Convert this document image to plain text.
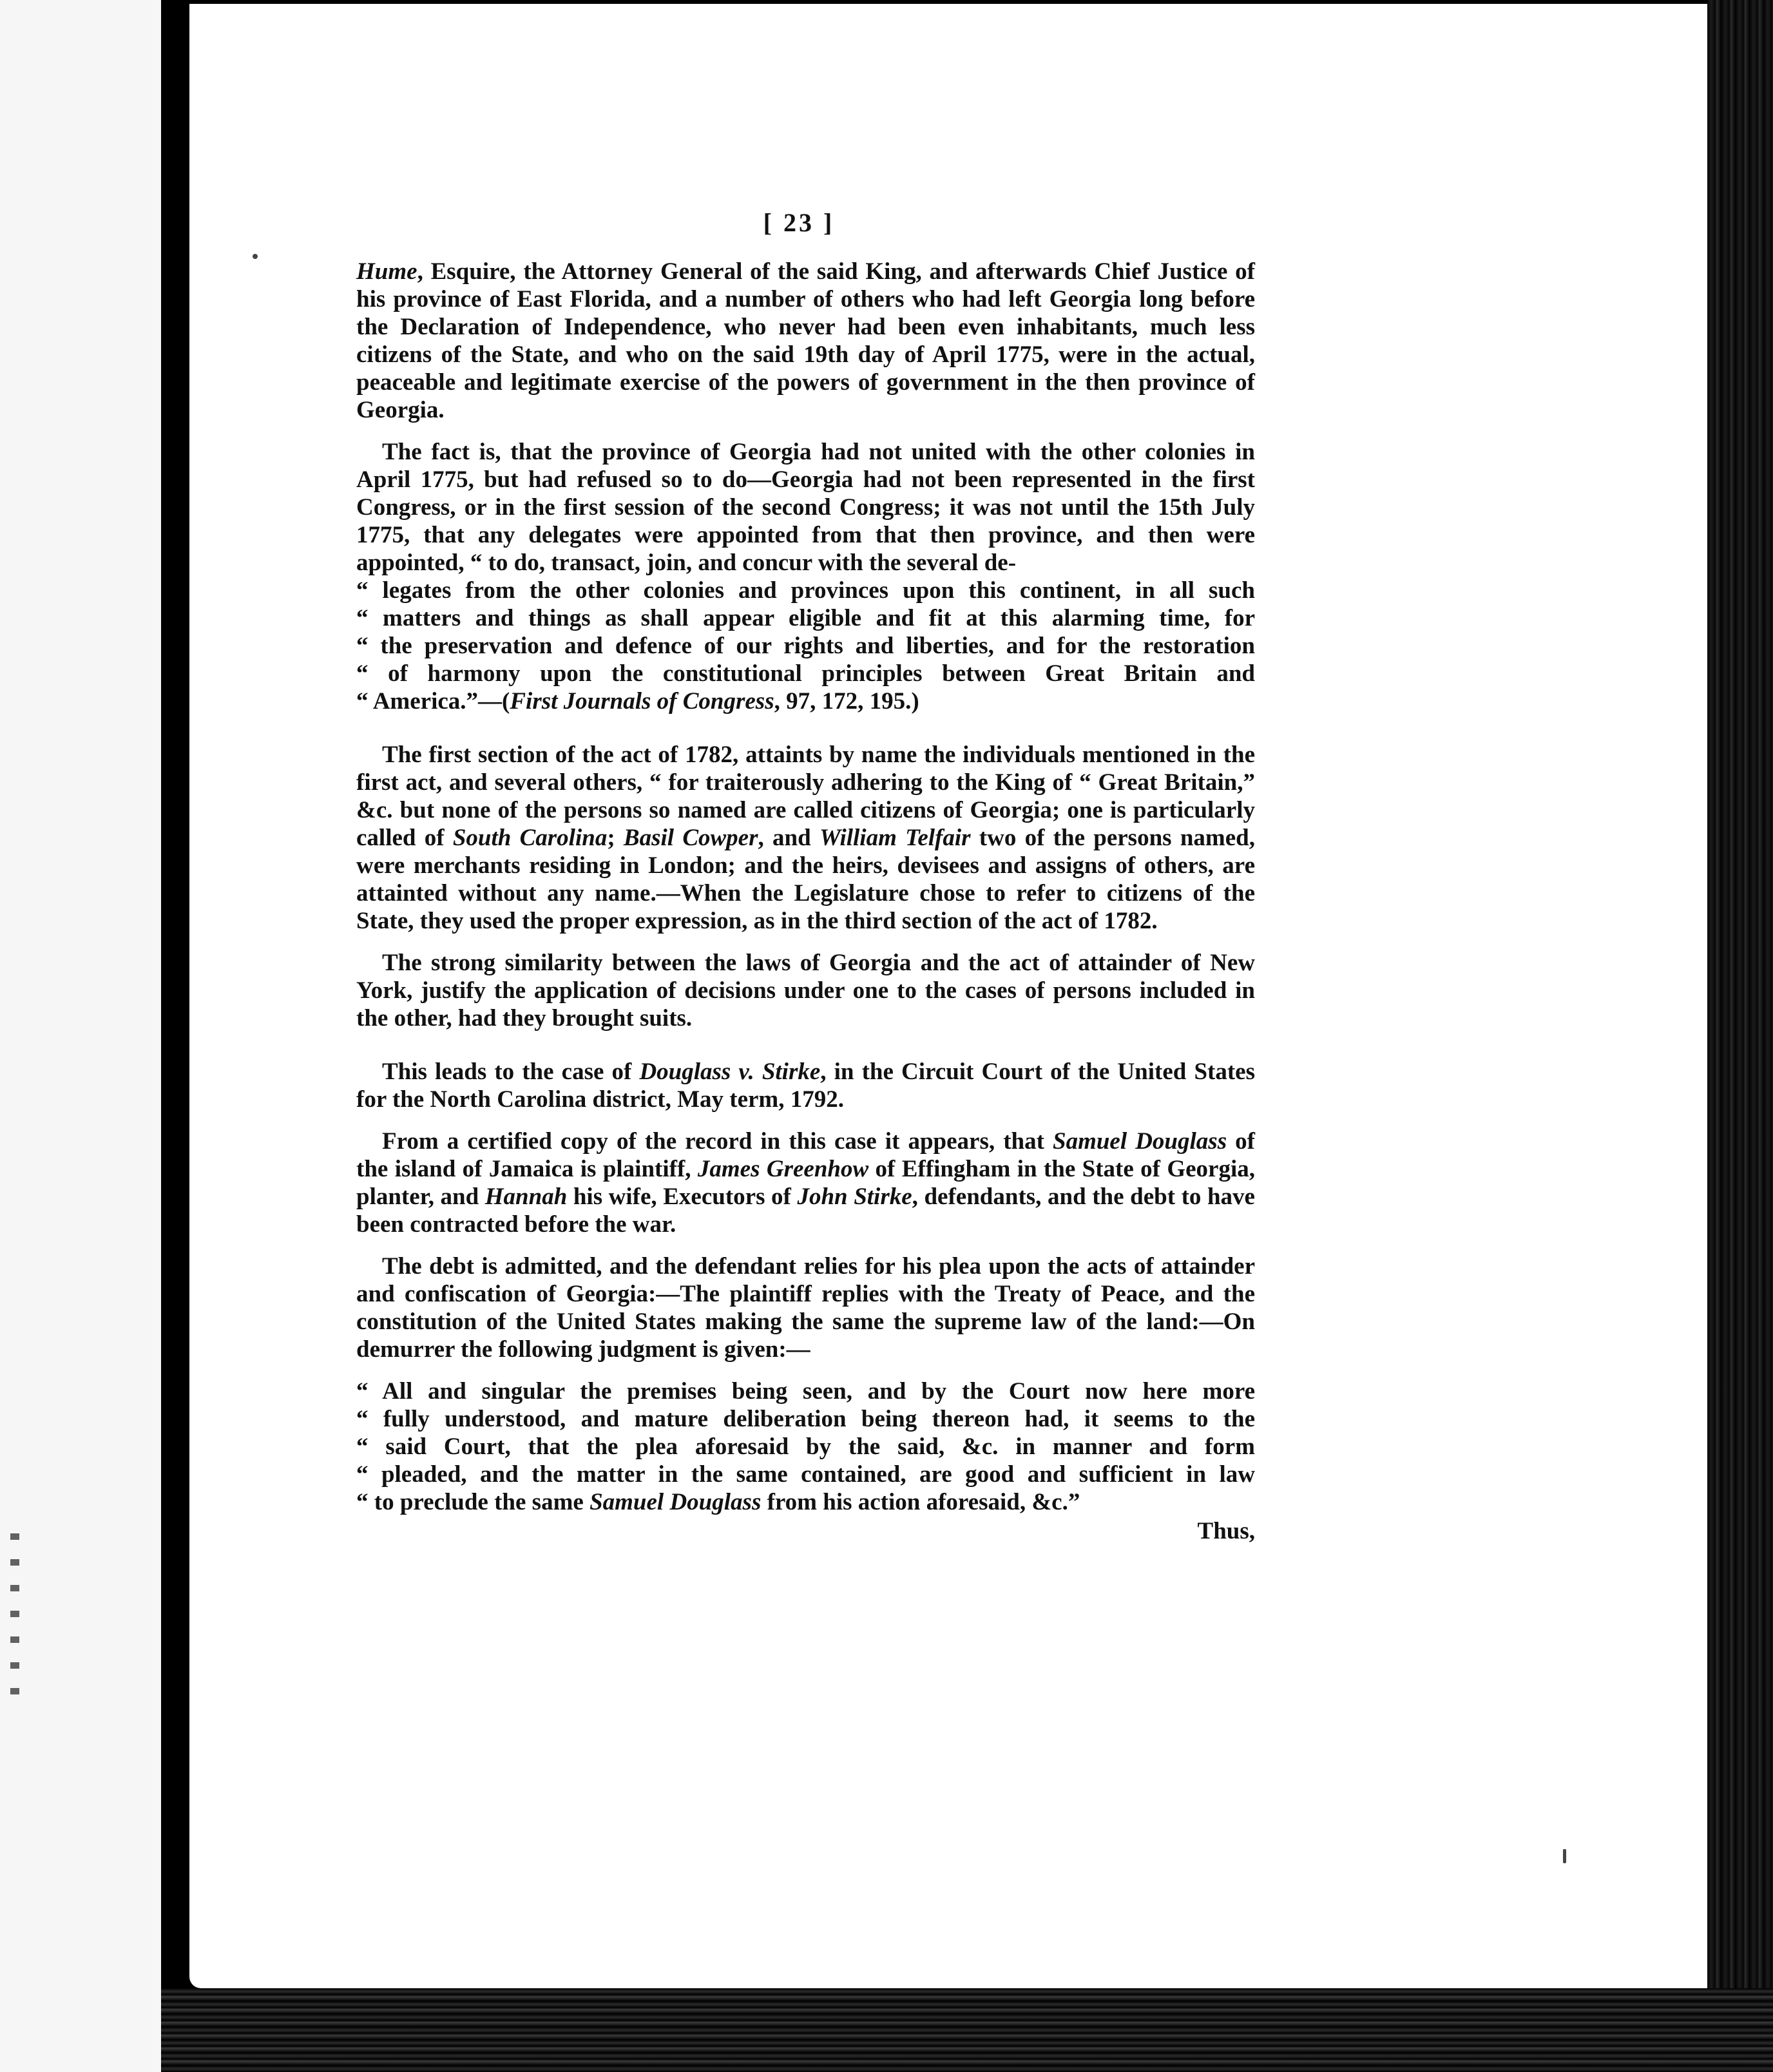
[ 23 ]

Hume, Esquire, the Attorney General of the said King, and afterwards Chief Justice of his province of East Florida, and a number of others who had left Georgia long before the Declaration of Independence, who never had been even inhabitants, much less citizens of the State, and who on the said 19th day of April 1775, were in the actual, peaceable and legitimate exercise of the powers of government in the then province of Georgia.

The fact is, that the province of Georgia had not united with the other colonies in April 1775, but had refused so to do—Georgia had not been represented in the first Congress, or in the first session of the second Congress; it was not until the 15th July 1775, that any delegates were appointed from that then province, and then were appointed, “ to do, transact, join, and concur with the several de-

“ legates from the other colonies and provinces upon this continent, in all such

“ matters and things as shall appear eligible and fit at this alarming time, for

“ the preservation and defence of our rights and liberties, and for the restoration

“ of harmony upon the constitutional principles between Great Britain and

“ America.”—(First Journals of Congress, 97, 172, 195.)

The first section of the act of 1782, attaints by name the individuals mentioned in the first act, and several others, “ for traiterously adhering to the King of “ Great Britain,” &c. but none of the persons so named are called citizens of Georgia; one is particularly called of South Carolina; Basil Cowper, and William Telfair two of the persons named, were merchants residing in London; and the heirs, devisees and assigns of others, are attainted without any name.—When the Legislature chose to refer to citizens of the State, they used the proper expression, as in the third section of the act of 1782.

The strong similarity between the laws of Georgia and the act of attainder of New York, justify the application of decisions under one to the cases of persons included in the other, had they brought suits.

This leads to the case of Douglass v. Stirke, in the Circuit Court of the United States for the North Carolina district, May term, 1792.

From a certified copy of the record in this case it appears, that Samuel Douglass of the island of Jamaica is plaintiff, James Greenhow of Effingham in the State of Georgia, planter, and Hannah his wife, Executors of John Stirke, defendants, and the debt to have been contracted before the war.

The debt is admitted, and the defendant relies for his plea upon the acts of attainder and confiscation of Georgia:—The plaintiff replies with the Treaty of Peace, and the constitution of the United States making the same the supreme law of the land:—On demurrer the following judgment is given:—

“ All and singular the premises being seen, and by the Court now here more

“ fully understood, and mature deliberation being thereon had, it seems to the

“ said Court, that the plea aforesaid by the said, &c. in manner and form

“ pleaded, and the matter in the same contained, are good and sufficient in law

“ to preclude the same Samuel Douglass from his action aforesaid, &c.”

Thus,
